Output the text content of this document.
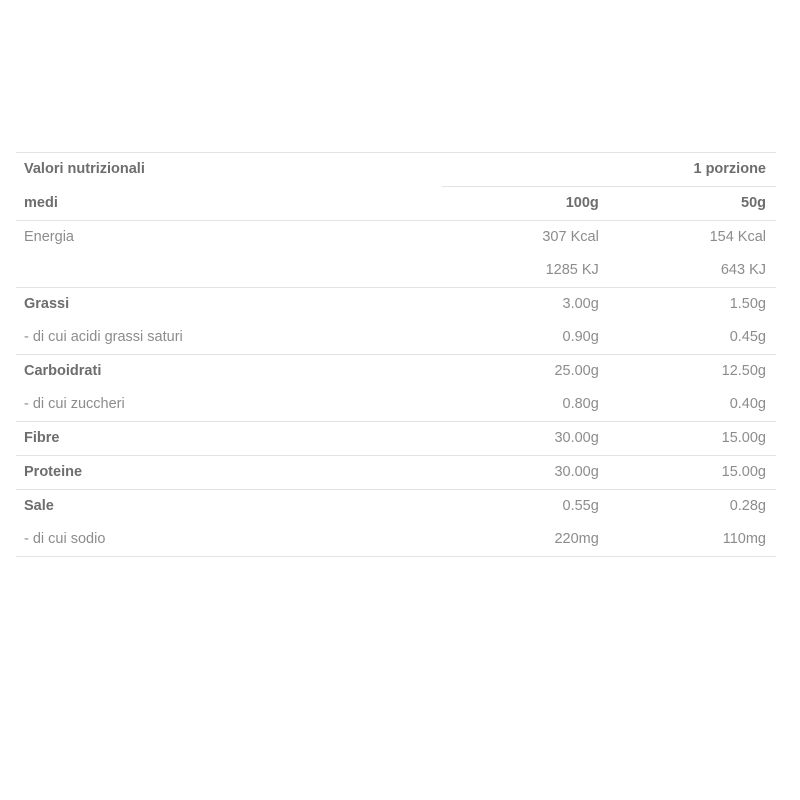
Valori nutrizionali		1 porzione

medi	100g	50g

Energia	307 Kcal	154 Kcal

	1285 KJ	643 KJ

Grassi	3.00g	1.50g

- di cui acidi grassi saturi	0.90g	0.45g

Carboidrati	25.00g	12.50g

- di cui zuccheri	0.80g	0.40g

Fibre	30.00g	15.00g

Proteine	30.00g	15.00g

Sale	0.55g	0.28g

- di cui sodio	220mg	110mg
